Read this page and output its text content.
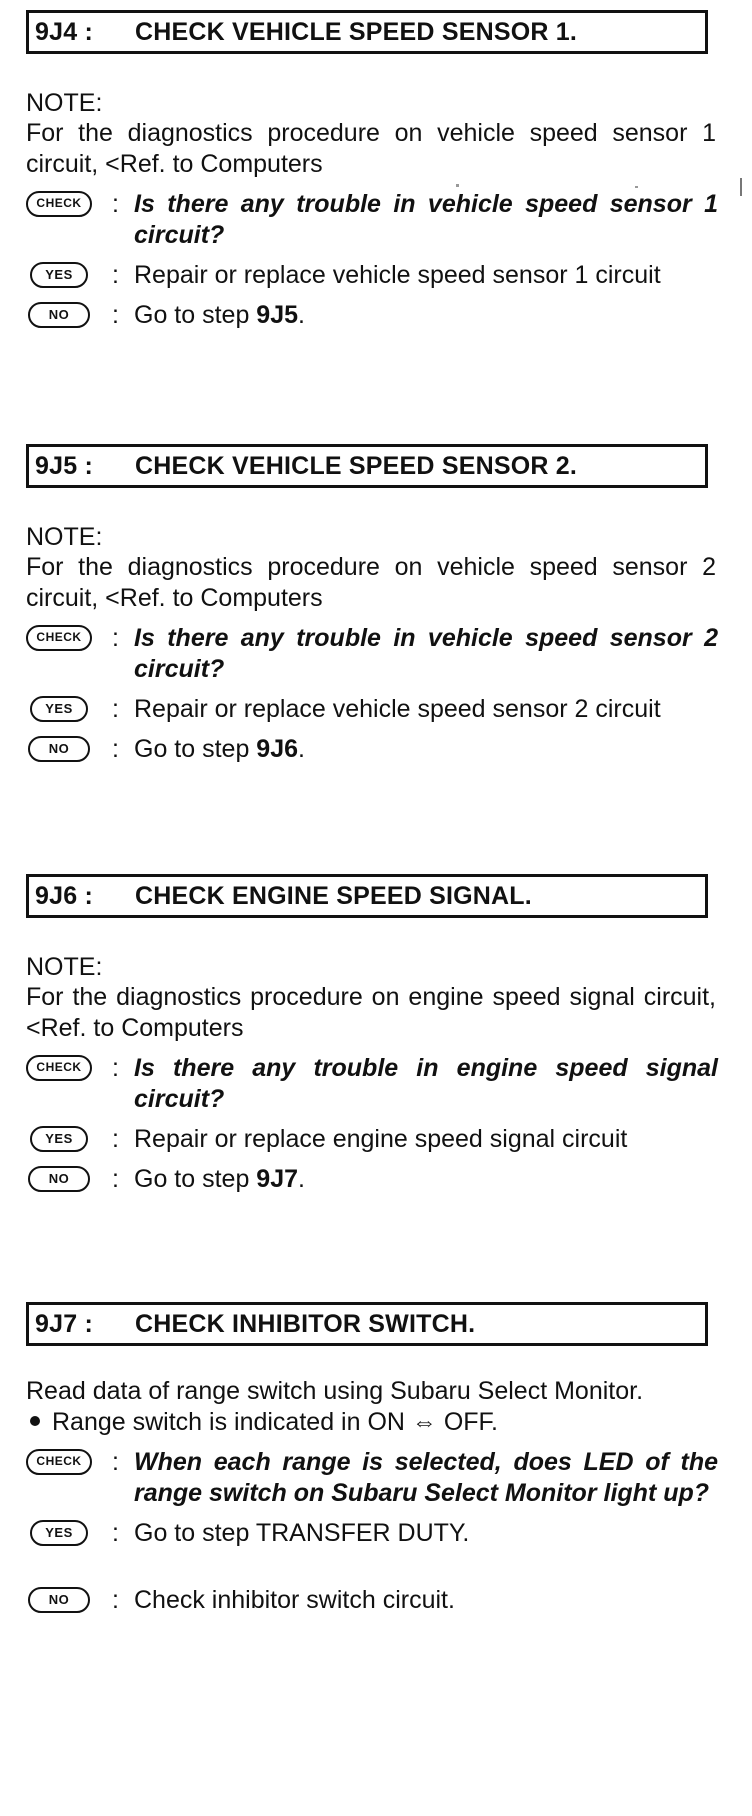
9J4 :	CHECK VEHICLE SPEED SENSOR 1.
NOTE:
For the diagnostics procedure on vehicle speed sensor 1 circuit, <Ref. to Computers
CHECK	: Is there any trouble in vehicle speed sensor 1 circuit?
YES	: Repair or replace vehicle speed sensor 1 circuit
NO	: Go to step 9J5.
9J5 :	CHECK VEHICLE SPEED SENSOR 2.
NOTE:
For the diagnostics procedure on vehicle speed sensor 2 circuit, <Ref. to Computers
CHECK	: Is there any trouble in vehicle speed sensor 2 circuit?
YES	: Repair or replace vehicle speed sensor 2 circuit
NO	: Go to step 9J6.
9J6 :	CHECK ENGINE SPEED SIGNAL.
NOTE:
For the diagnostics procedure on engine speed signal circuit, <Ref. to Computers
CHECK	: Is there any trouble in engine speed signal circuit?
YES	: Repair or replace engine speed signal circuit
NO	: Go to step 9J7.
9J7 :	CHECK INHIBITOR SWITCH.
Read data of range switch using Subaru Select Monitor.
Range switch is indicated in ON ⇔ OFF.
CHECK	: When each range is selected, does LED of the range switch on Subaru Select Monitor light up?
YES	: Go to step TRANSFER DUTY.
NO	: Check inhibitor switch circuit.
